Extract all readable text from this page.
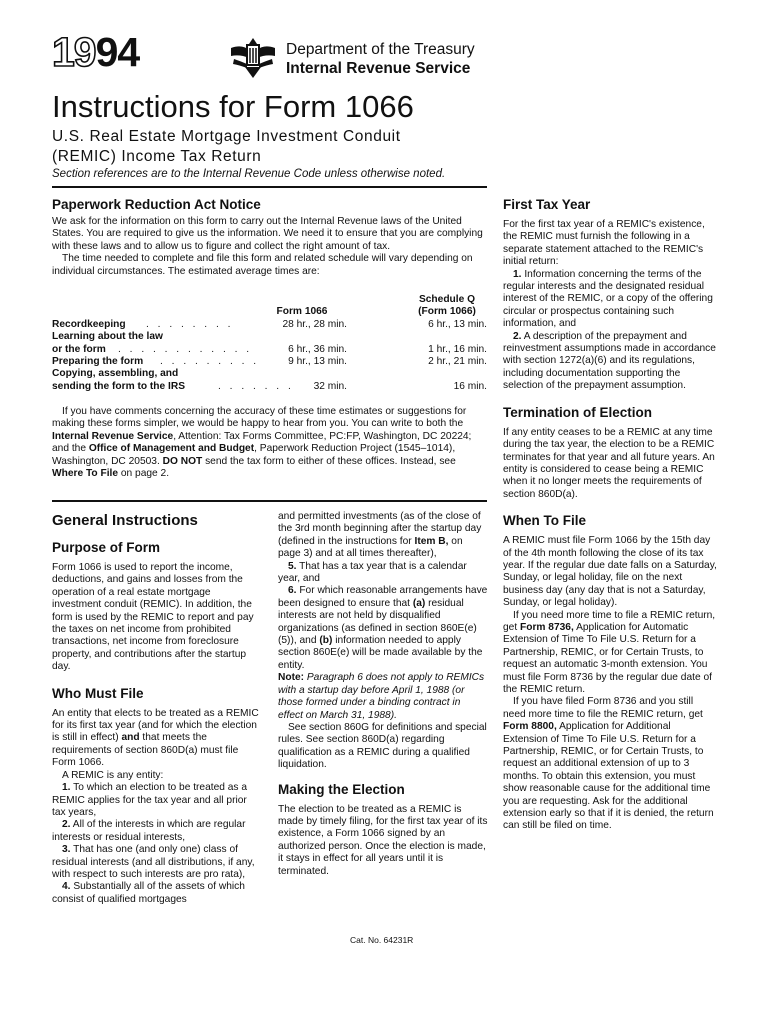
1994	Department of the Treasury
Internal Revenue Service
Instructions for Form 1066
U.S. Real Estate Mortgage Investment Conduit
(REMIC) Income Tax Return
Section references are to the Internal Revenue Code unless otherwise noted.

Paperwork Reduction Act Notice

We ask for the information on this form to carry out the Internal Revenue laws of the United States. You are required to give us the information. We need it to ensure that you are complying with these laws and to allow us to figure and collect the right amount of tax.

The time needed to complete and file this form and related schedule will vary depending on individual circumstances. The estimated average times are:

Schedule Q
Form 1066	(Form 1066)
Recordkeeping . . . . . . . .	28 hr., 28 min.	6 hr., 13 min.
Learning about the law
or the form . . . . . . . . . . . .	6 hr., 36 min.	1 hr., 16 min.
Preparing the form . . . . . . . . .	9 hr., 13 min.	2 hr., 21 min.
Copying, assembling, and
sending the form to the IRS	. . . . . . . 32 min.	16 min.

If you have comments concerning the accuracy of these time estimates or suggestions for making these forms simpler, we would be happy to hear from you. You can write to both the Internal Revenue Service, Attention: Tax Forms Committee, PC:FP, Washington, DC 20224; and the Office of Management and Budget, Paperwork Reduction Project (1545–1014), Washington, DC 20503. DO NOT send the tax form to either of these offices. Instead, see Where To File on page 2.

General Instructions

Purpose of Form

Form 1066 is used to report the income, deductions, and gains and losses from the operation of a real estate mortgage investment conduit (REMIC). In addition, the form is used by the REMIC to report and pay the taxes on net income from prohibited transactions, net income from foreclosure property, and contributions after the startup day.

Who Must File

An entity that elects to be treated as a REMIC for its first tax year (and for which the election is still in effect) and that meets the requirements of section 860D(a) must file Form 1066.

A REMIC is any entity:

1. To which an election to be treated as a REMIC applies for the tax year and all prior tax years,

2. All of the interests in which are regular interests or residual interests,

3. That has one (and only one) class of residual interests (and all distributions, if any, with respect to such interests are pro rata),

4. Substantially all of the assets of which consist of qualified mortgages

and permitted investments (as of the close of the 3rd month beginning after the startup day (defined in the instructions for Item B, on page 3) and at all times thereafter),

5. That has a tax year that is a calendar year, and

6. For which reasonable arrangements have been designed to ensure that (a) residual interests are not held by disqualified organizations (as defined in section 860E(e)(5)), and (b) information needed to apply section 860E(e) will be made available by the entity.

Note: Paragraph 6 does not apply to REMICs with a startup day before April 1, 1988 (or those formed under a binding contract in effect on March 31, 1988).

See section 860G for definitions and special rules. See section 860D(a) regarding qualification as a REMIC during a qualified liquidation.

Making the Election

The election to be treated as a REMIC is made by timely filing, for the first tax year of its existence, a Form 1066 signed by an authorized person. Once the election is made, it stays in effect for all years until it is terminated.

First Tax Year

For the first tax year of a REMIC's existence, the REMIC must furnish the following in a separate statement attached to the REMIC's initial return:

1. Information concerning the terms of the regular interests and the designated residual interest of the REMIC, or a copy of the offering circular or prospectus containing such information, and

2. A description of the prepayment and reinvestment assumptions made in accordance with section 1272(a)(6) and its regulations, including documentation supporting the selection of the prepayment assumption.

Termination of Election

If any entity ceases to be a REMIC at any time during the tax year, the election to be a REMIC terminates for that year and all future years. An entity is considered to cease being a REMIC when it no longer meets the requirements of section 860D(a).

When To File

A REMIC must file Form 1066 by the 15th day of the 4th month following the close of its tax year. If the regular due date falls on a Saturday, Sunday, or legal holiday, file on the next business day (any day that is not a Saturday, Sunday, or legal holiday).

If you need more time to file a REMIC return, get Form 8736, Application for Automatic Extension of Time To File U.S. Return for a Partnership, REMIC, or for Certain Trusts, to request an automatic 3-month extension. You must file Form 8736 by the regular due date of the REMIC return.

If you have filed Form 8736 and you still need more time to file the REMIC return, get Form 8800, Application for Additional Extension of Time To File U.S. Return for a Partnership, REMIC, or for Certain Trusts, to request an additional extension of up to 3 months. To obtain this extension, you must show reasonable cause for the additional time you are requesting. Ask for the additional extension early so that if it is denied, the return can still be filed on time.

Cat. No. 64231R
